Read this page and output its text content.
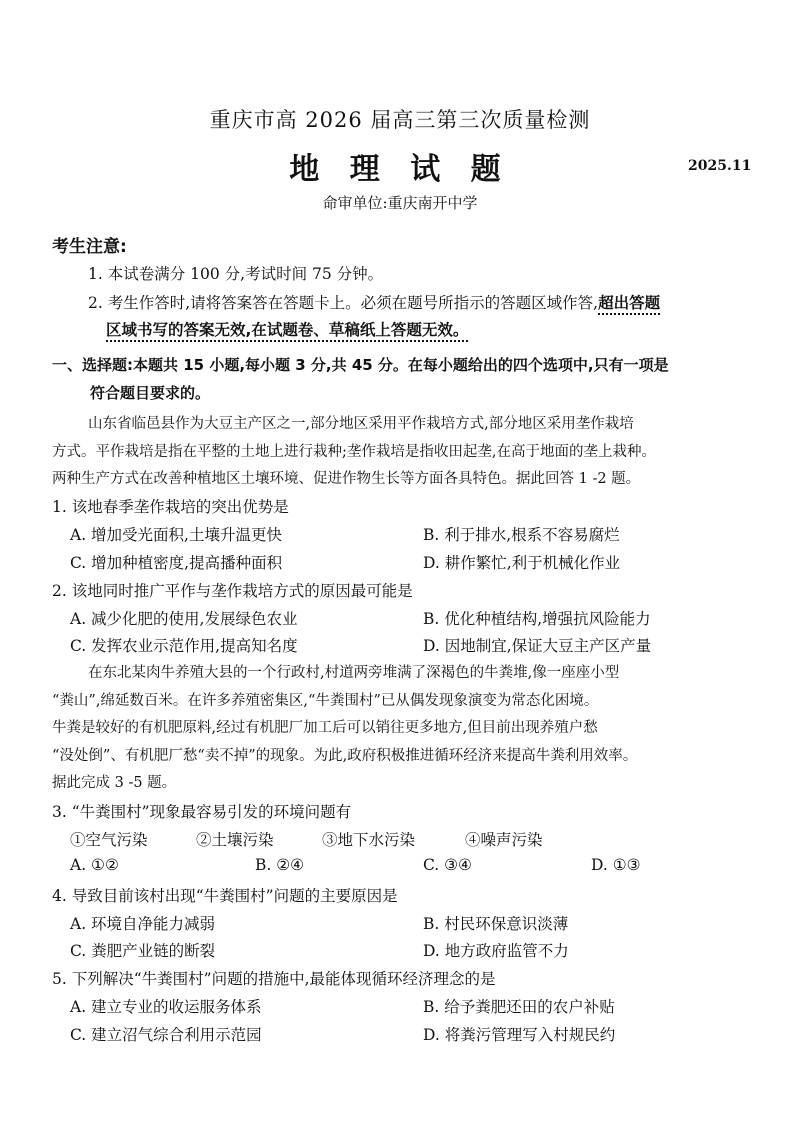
重庆市高 2026 届高三第三次质量检测
地 理 试 题	2025.11
命审单位:重庆南开中学
考生注意:
1. 本试卷满分 100 分,考试时间 75 分钟。
2. 考生作答时,请将答案答在答题卡上。必须在题号所指示的答题区域作答,超出答题
区域书写的答案无效,在试题卷、草稿纸上答题无效。
一、选择题:本题共 15 小题,每小题 3 分,共 45 分。在每小题给出的四个选项中,只有一项是
符合题目要求的。
山东省临邑县作为大豆主产区之一,部分地区采用平作栽培方式,部分地区采用垄作栽培
方式。平作栽培是指在平整的土地上进行栽种;垄作栽培是指收田起垄,在高于地面的垄上栽种。
两种生产方式在改善种植地区土壤环境、促进作物生长等方面各具特色。据此回答 1 -2 题。
1. 该地春季垄作栽培的突出优势是
A. 增加受光面积,土壤升温更快	B. 利于排水,根系不容易腐烂
C. 增加种植密度,提高播种面积	D. 耕作繁忙,利于机械化作业
2. 该地同时推广平作与垄作栽培方式的原因最可能是
A. 减少化肥的使用,发展绿色农业	B. 优化种植结构,增强抗风险能力
C. 发挥农业示范作用,提高知名度	D. 因地制宜,保证大豆主产区产量
在东北某肉牛养殖大县的一个行政村,村道两旁堆满了深褐色的牛粪堆,像一座座小型
“粪山”,绵延数百米。在许多养殖密集区,“牛粪围村”已从偶发现象演变为常态化困境。
牛粪是较好的有机肥原料,经过有机肥厂加工后可以销往更多地方,但目前出现养殖户愁
“没处倒”、有机肥厂愁“卖不掉”的现象。为此,政府积极推进循环经济来提高牛粪利用效率。
据此完成 3 -5 题。
3. “牛粪围村”现象最容易引发的环境问题有
①空气污染	②土壤污染	③地下水污染	④噪声污染
A. ①②	B. ②④	C. ③④	D. ①③
4. 导致目前该村出现“牛粪围村”问题的主要原因是
A. 环境自净能力减弱	B. 村民环保意识淡薄
C. 粪肥产业链的断裂	D. 地方政府监管不力
5. 下列解决“牛粪围村”问题的措施中,最能体现循环经济理念的是
A. 建立专业的收运服务体系	B. 给予粪肥还田的农户补贴
C. 建立沼气综合利用示范园	D. 将粪污管理写入村规民约
